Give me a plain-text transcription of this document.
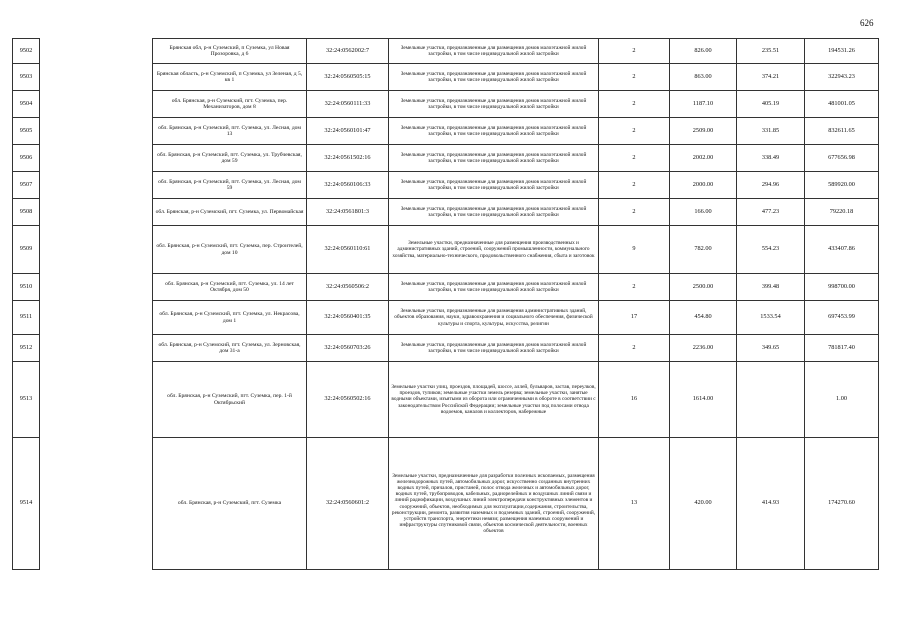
626
9502		Брянская обл, р-н Суземский, п Суземка, ул Новая Прозоровка, д 6	32:24:0562002:7	Земельные участки, предназначенные для размещения домов малоэтажной жилой застройки, в том числе индивидуальной жилой застройки	2	826.00	235.51	194531.26
9503		Брянская область, р-н Суземский, п Суземка, ул Зеленая, д 5, кв 1	32:24:0560505:15	Земельные участки, предназначенные для размещения домов малоэтажной жилой застройки, в том числе индивидуальной жилой застройки	2	863.00	374.21	322943.23
9504		обл. Брянская, р-н Суземский, пгт. Суземка, пер. Механизаторов, дом 8	32:24:0560111:33	Земельные участки, предназначенные для размещения домов малоэтажной жилой застройки, в том числе индивидуальной жилой застройки	2	1187.10	405.19	481001.05
9505		обл. Брянская, р-н Суземский, пгт. Суземка, ул. Лесная, дом 13	32:24:0560101:47	Земельные участки, предназначенные для размещения домов малоэтажной жилой застройки, в том числе индивидуальной жилой застройки	2	2509.00	331.85	832611.65
9506		обл. Брянская, р-н Суземский, пгт. Суземка, ул. Трубчевская, дом 59	32:24:0561502:16	Земельные участки, предназначенные для размещения домов малоэтажной жилой застройки, в том числе индивидуальной жилой застройки	2	2002.00	338.49	677656.98
9507		обл. Брянская, р-н Суземский, пгт. Суземка, ул. Лесная, дом 59	32:24:0560106:33	Земельные участки, предназначенные для размещения домов малоэтажной жилой застройки, в том числе индивидуальной жилой застройки	2	2000.00	294.96	589920.00
9508		обл. Брянская, р-н Суземский, пгт. Суземка, ул. Первомайская	32:24:0561801:3	Земельные участки, предназначенные для размещения домов малоэтажной жилой застройки, в том числе индивидуальной жилой застройки	2	166.00	477.23	79220.18
9509		обл. Брянская, р-н Суземский, пгт. Суземка, пер. Строителей, дом 10	32:24:0560110:61	Земельные участки, предназначенные для размещения производственных и административных зданий, строений, сооружений промышленности, коммунального хозяйства, материально-технического, продовольственного снабжения, сбыта и заготовок	9	782.00	554.23	433407.86
9510		обл. Брянская, р-н Суземский, пгт. Суземка, ул. 14 лет Октября, дом 50	32:24:0560506:2	Земельные участки, предназначенные для размещения домов малоэтажной жилой застройки, в том числе индивидуальной жилой застройки	2	2500.00	399.48	998700.00
9511		обл. Брянская, р-н Суземский, пгт. Суземка, ул. Некрасова, дом 1	32:24:0560401:35	Земельные участки, предназначенные для размещения административных зданий, объектов образования, науки, здравоохранения и социального обеспечения, физической культуры и спорта, культуры, искусства, религии	17	454.80	1533.54	697453.99
9512		обл. Брянская, р-н Суземский, пгт. Суземка, ул. Зерновская, дом 31-а	32:24:0560703:26	Земельные участки, предназначенные для размещения домов малоэтажной жилой застройки, в том числе индивидуальной жилой застройки	2	2236.00	349.65	781817.40
9513		обл. Брянская, р-н Суземский, пгт. Суземка, пер. 1-й Октябрьский	32:24:0560502:16	Земельные участки улиц, проездов, площадей, шоссе, аллей, бульваров, застав, переулков, проездов, тупиков; земельные участки земель резерва; земельные участки, занятые водными объектами, изъятыми из оборота или ограниченными в обороте в соответствии с законодательством Российской Федерации; земельные участки под полосами отвода водоемов, каналов и коллекторов, набережные	16	1614.00		1.00
9514		обл. Брянская, р-н Суземский, пгт. Суземка	32:24:0560601:2	Земельные участки, предназначенные для разработки полезных ископаемых, размещения железнодорожных путей, автомобильных дорог, искусственно созданных внутренних водных путей, причалов, пристаней, полос отвода железных и автомобильных дорог, водных путей, трубопроводов, кабельных, радиорелейных и воздушных линий связи и линий радиофикации, воздушных линий электропередачи конструктивных элементов и сооружений, объектов, необходимых для эксплуатации,содержания, строительства, реконструкции, ремонта, развития наземных и подземных зданий, строений, сооружений, устройств транспорта, энергетики невязи; размещения наземных сооружений и инфраструктуры спутниковой связи, объектов космической деятельности, военных объектов	13	420.00	414.93	174270.60
